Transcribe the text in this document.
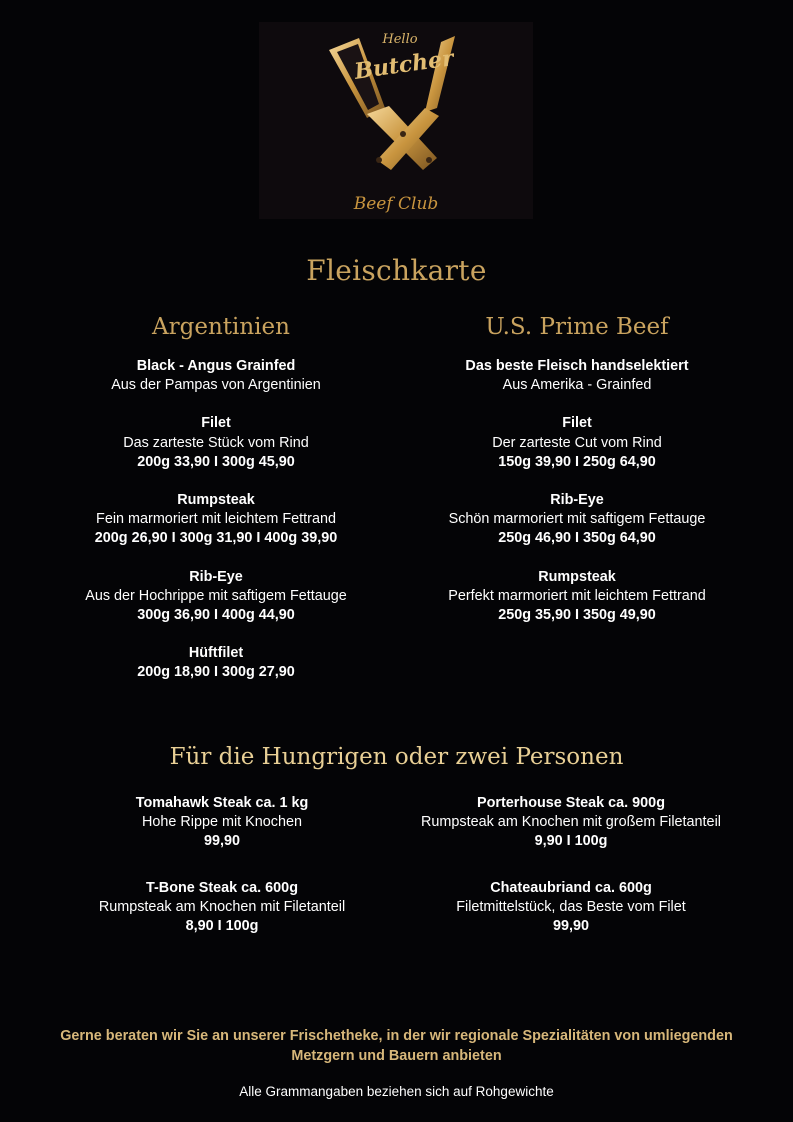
Hello
Butcher
Beef Club
Fleischkarte
Argentinien	U.S. Prime Beef
Black - Angus Grainfed
Aus der Pampas von Argentinien
Filet
Das zarteste Stück vom Rind
200g 33,90 I 300g 45,90
Rumpsteak
Fein marmoriert mit leichtem Fettrand
200g 26,90 I 300g 31,90 I 400g 39,90
Rib-Eye
Aus der Hochrippe mit saftigem Fettauge
300g 36,90 I 400g 44,90
Hüftfilet
200g 18,90 I 300g 27,90
Das beste Fleisch handselektiert
Aus Amerika - Grainfed
Filet
Der zarteste Cut vom Rind
150g 39,90 I 250g 64,90
Rib-Eye
Schön marmoriert mit saftigem Fettauge
250g 46,90 I 350g 64,90
Rumpsteak
Perfekt marmoriert mit leichtem Fettrand
250g 35,90 I 350g 49,90
Für die Hungrigen oder zwei Personen
Tomahawk Steak ca. 1 kg
Hohe Rippe mit Knochen
99,90
T-Bone Steak ca. 600g
Rumpsteak am Knochen mit Filetanteil
8,90 I 100g
Porterhouse Steak ca. 900g
Rumpsteak am Knochen mit großem Filetanteil
9,90 I 100g
Chateaubriand ca. 600g
Filetmittelstück, das Beste vom Filet
99,90
Gerne beraten wir Sie an unserer Frischetheke, in der wir regionale Spezialitäten von umliegenden Metzgern und Bauern anbieten
Alle Grammangaben beziehen sich auf Rohgewichte
